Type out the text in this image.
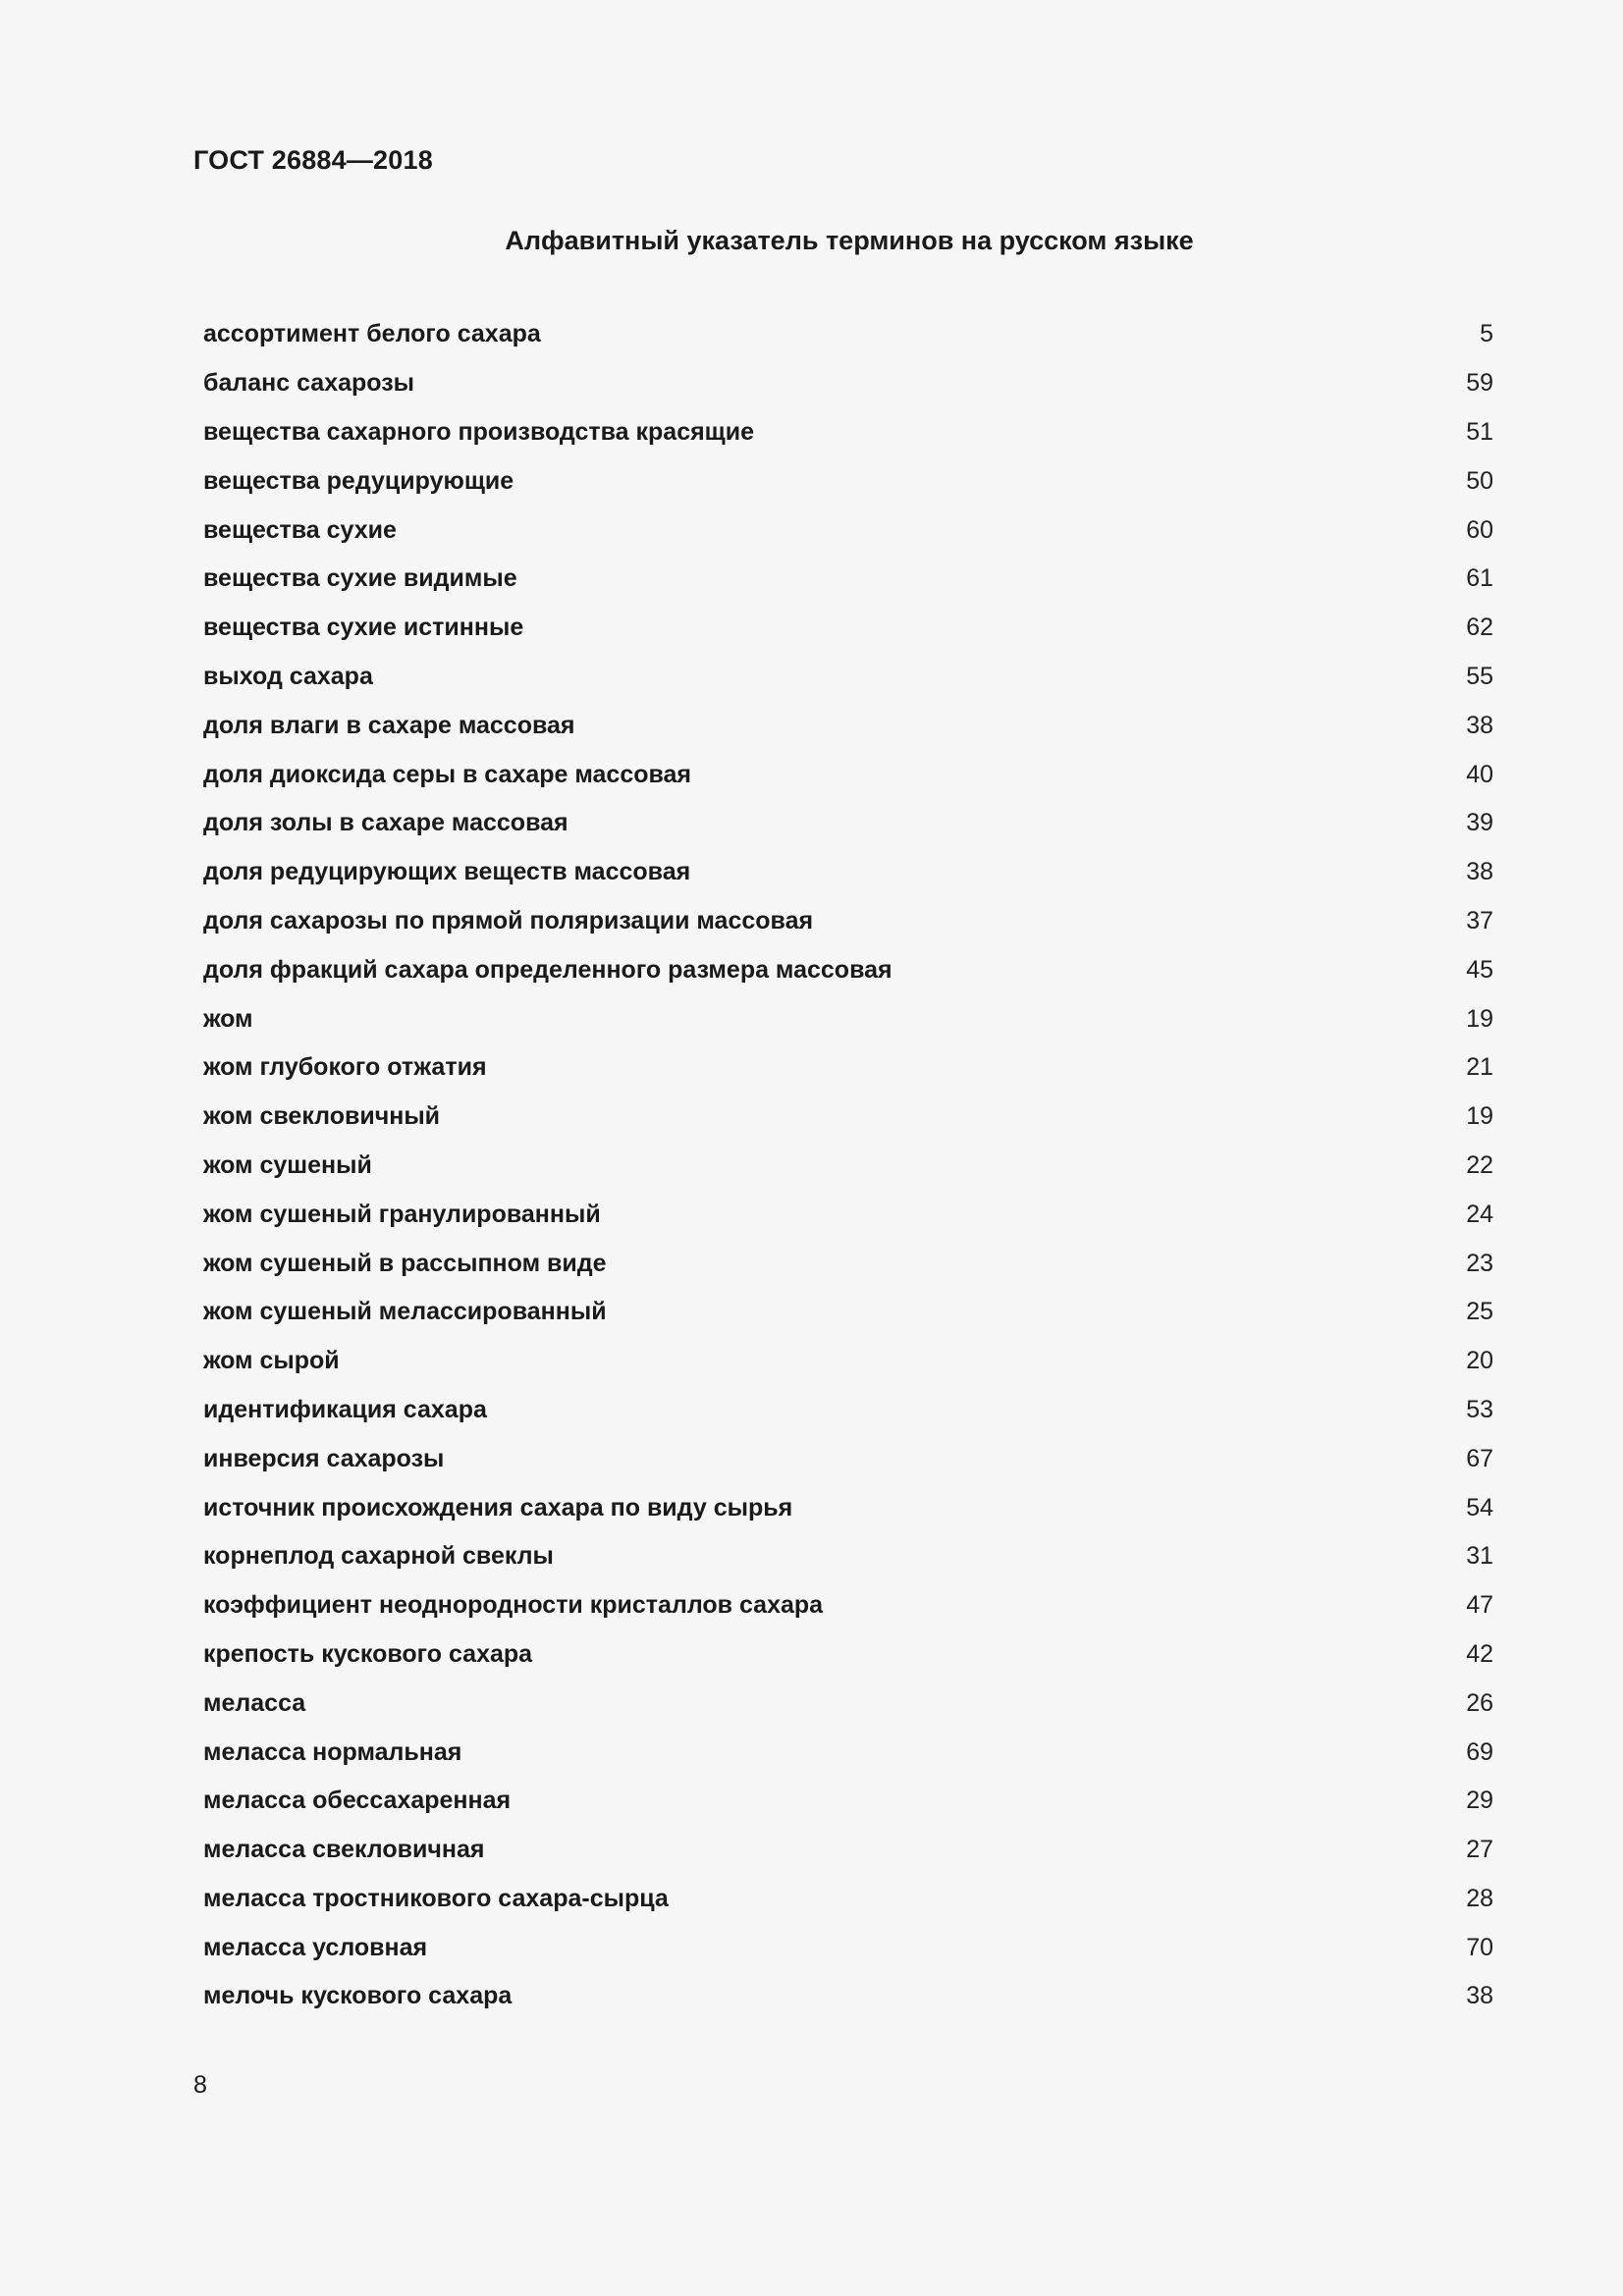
ГОСТ 26884—2018
Алфавитный указатель терминов на русском языке
ассортимент белого сахара	5
баланс сахарозы	59
вещества сахарного производства красящие	51
вещества редуцирующие	50
вещества сухие	60
вещества сухие видимые	61
вещества сухие истинные	62
выход сахара	55
доля влаги в сахаре массовая	38
доля диоксида серы в сахаре массовая	40
доля золы в сахаре массовая	39
доля редуцирующих веществ массовая	38
доля сахарозы по прямой поляризации массовая	37
доля фракций сахара определенного размера массовая	45
жом	19
жом глубокого отжатия	21
жом свекловичный	19
жом сушеный	22
жом сушеный гранулированный	24
жом сушеный в рассыпном виде	23
жом сушеный мелассированный	25
жом сырой	20
идентификация сахара	53
инверсия сахарозы	67
источник происхождения сахара по виду сырья	54
корнеплод сахарной свеклы	31
коэффициент неоднородности кристаллов сахара	47
крепость кускового сахара	42
меласса	26
меласса нормальная	69
меласса обессахаренная	29
меласса свекловичная	27
меласса тростникового сахара-сырца	28
меласса условная	70
мелочь кускового сахара	38
8
